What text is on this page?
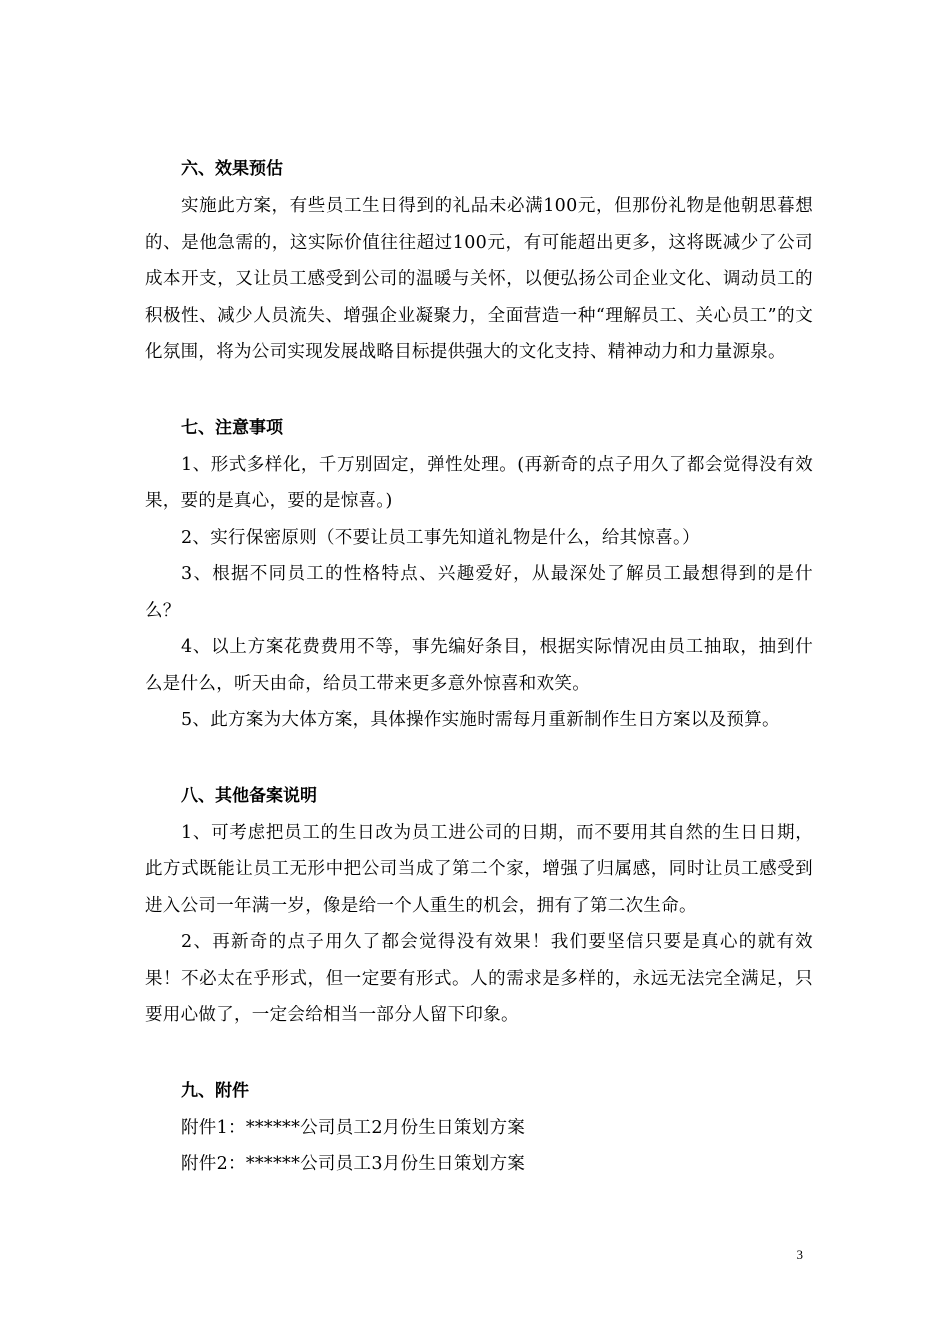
六、效果预估

实施此方案，有些员工生日得到的礼品未必满100元，但那份礼物是他朝思暮想的、是他急需的，这实际价值往往超过100元，有可能超出更多，这将既减少了公司成本开支，又让员工感受到公司的温暖与关怀，以便弘扬公司企业文化、调动员工的积极性、减少人员流失、增强企业凝聚力，全面营造一种“理解员工、关心员工”的文化氛围，将为公司实现发展战略目标提供强大的文化支持、精神动力和力量源泉。

七、注意事项

1、形式多样化，千万别固定，弹性处理。(再新奇的点子用久了都会觉得没有效果，要的是真心，要的是惊喜。)

2、实行保密原则（不要让员工事先知道礼物是什么，给其惊喜。）

3、根据不同员工的性格特点、兴趣爱好，从最深处了解员工最想得到的是什么？

4、以上方案花费费用不等，事先编好条目，根据实际情况由员工抽取，抽到什么是什么，听天由命，给员工带来更多意外惊喜和欢笑。

5、此方案为大体方案，具体操作实施时需每月重新制作生日方案以及预算。

八、其他备案说明

1、可考虑把员工的生日改为员工进公司的日期，而不要用其自然的生日日期，此方式既能让员工无形中把公司当成了第二个家，增强了归属感，同时让员工感受到进入公司一年满一岁，像是给一个人重生的机会，拥有了第二次生命。

2、再新奇的点子用久了都会觉得没有效果！我们要坚信只要是真心的就有效果！不必太在乎形式，但一定要有形式。人的需求是多样的，永远无法完全满足，只要用心做了，一定会给相当一部分人留下印象。

九、附件

附件1：******公司员工2月份生日策划方案

附件2：******公司员工3月份生日策划方案

3
